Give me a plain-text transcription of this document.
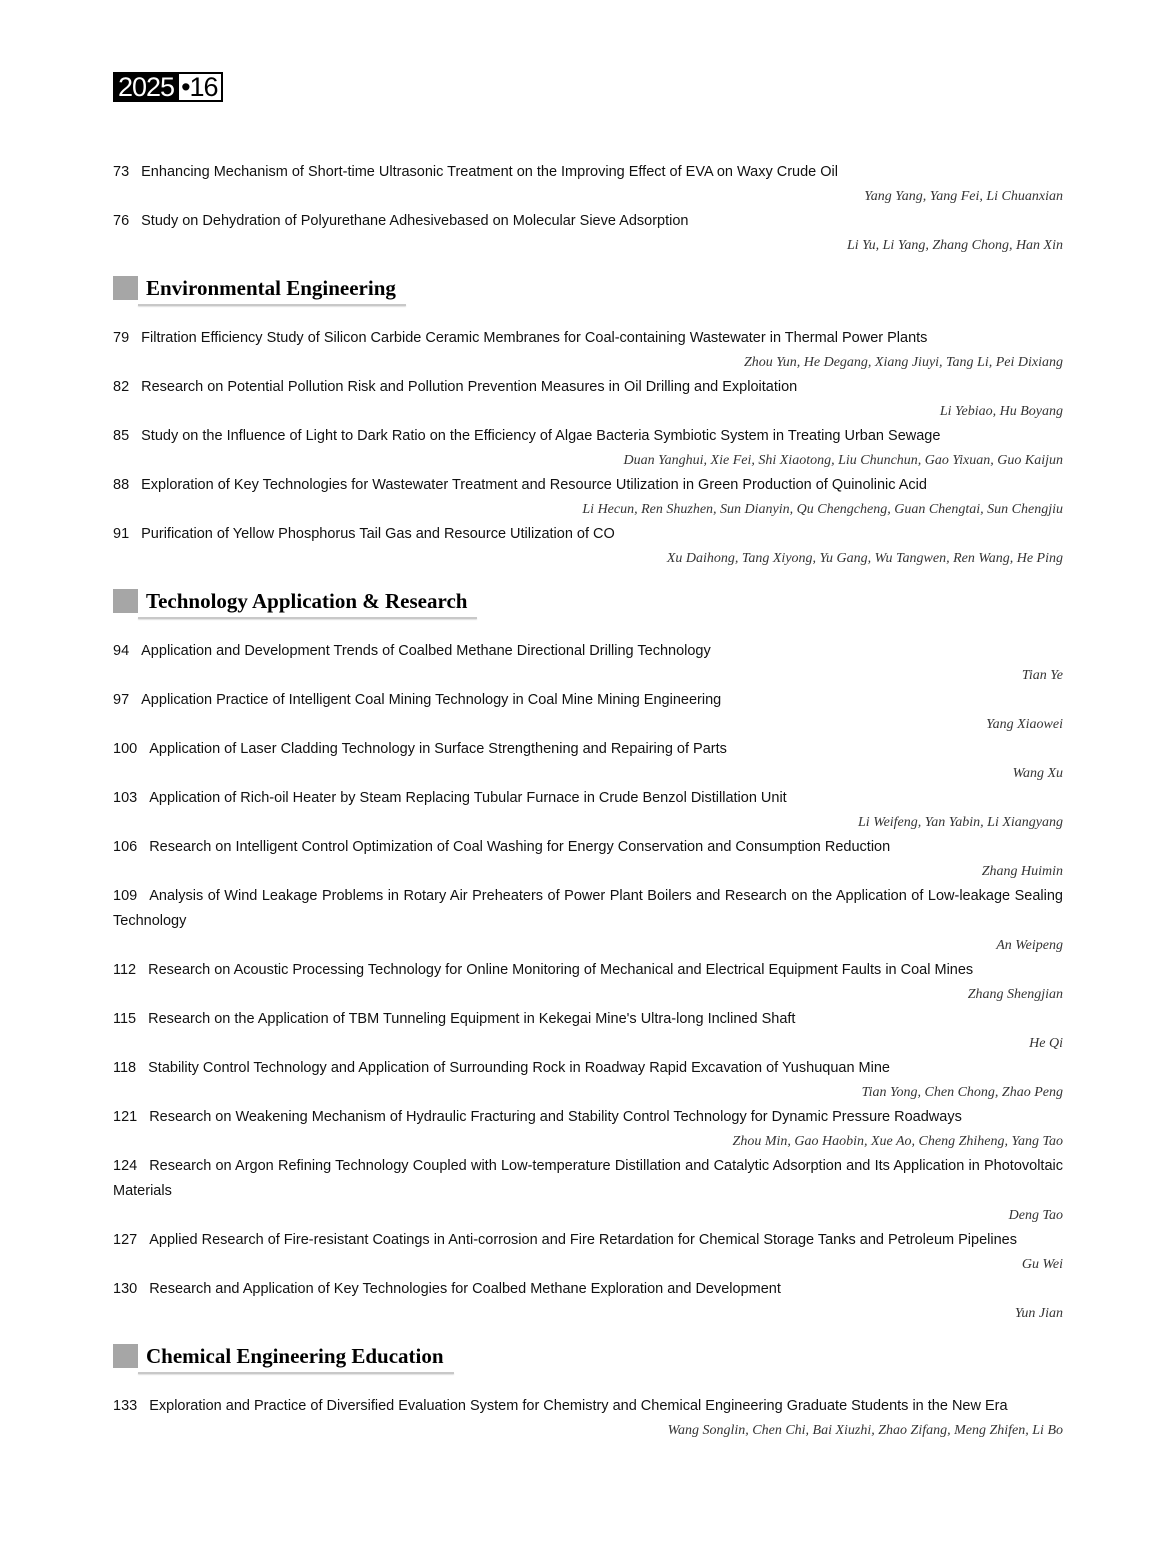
2025 •16
73 Enhancing Mechanism of Short-time Ultrasonic Treatment on the Improving Effect of EVA on Waxy Crude Oil
Yang Yang, Yang Fei, Li Chuanxian
76 Study on Dehydration of Polyurethane Adhesivebased on Molecular Sieve Adsorption
Li Yu, Li Yang, Zhang Chong, Han Xin
Environmental Engineering
79 Filtration Efficiency Study of Silicon Carbide Ceramic Membranes for Coal-containing Wastewater in Thermal Power Plants
Zhou Yun, He Degang, Xiang Jiuyi, Tang Li, Pei Dixiang
82 Research on Potential Pollution Risk and Pollution Prevention Measures in Oil Drilling and Exploitation
Li Yebiao, Hu Boyang
85 Study on the Influence of Light to Dark Ratio on the Efficiency of Algae Bacteria Symbiotic System in Treating Urban Sewage
Duan Yanghui, Xie Fei, Shi Xiaotong, Liu Chunchun, Gao Yixuan, Guo Kaijun
88 Exploration of Key Technologies for Wastewater Treatment and Resource Utilization in Green Production of Quinolinic Acid
Li Hecun, Ren Shuzhen, Sun Dianyin, Qu Chengcheng, Guan Chengtai, Sun Chengjiu
91 Purification of Yellow Phosphorus Tail Gas and Resource Utilization of CO
Xu Daihong, Tang Xiyong, Yu Gang, Wu Tangwen, Ren Wang, He Ping
Technology Application & Research
94 Application and Development Trends of Coalbed Methane Directional Drilling Technology
Tian Ye
97 Application Practice of Intelligent Coal Mining Technology in Coal Mine Mining Engineering
Yang Xiaowei
100 Application of Laser Cladding Technology in Surface Strengthening and Repairing of Parts
Wang Xu
103 Application of Rich-oil Heater by Steam Replacing Tubular Furnace in Crude Benzol Distillation Unit
Li Weifeng, Yan Yabin, Li Xiangyang
106 Research on Intelligent Control Optimization of Coal Washing for Energy Conservation and Consumption Reduction
Zhang Huimin
109 Analysis of Wind Leakage Problems in Rotary Air Preheaters of Power Plant Boilers and Research on the Application of Low-leakage Sealing Technology
An Weipeng
112 Research on Acoustic Processing Technology for Online Monitoring of Mechanical and Electrical Equipment Faults in Coal Mines
Zhang Shengjian
115 Research on the Application of TBM Tunneling Equipment in Kekegai Mine's Ultra-long Inclined Shaft
He Qi
118 Stability Control Technology and Application of Surrounding Rock in Roadway Rapid Excavation of Yushuquan Mine
Tian Yong, Chen Chong, Zhao Peng
121 Research on Weakening Mechanism of Hydraulic Fracturing and Stability Control Technology for Dynamic Pressure Roadways
Zhou Min, Gao Haobin, Xue Ao, Cheng Zhiheng, Yang Tao
124 Research on Argon Refining Technology Coupled with Low-temperature Distillation and Catalytic Adsorption and Its Application in Photovoltaic Materials
Deng Tao
127 Applied Research of Fire-resistant Coatings in Anti-corrosion and Fire Retardation for Chemical Storage Tanks and Petroleum Pipelines
Gu Wei
130 Research and Application of Key Technologies for Coalbed Methane Exploration and Development
Yun Jian
Chemical Engineering Education
133 Exploration and Practice of Diversified Evaluation System for Chemistry and Chemical Engineering Graduate Students in the New Era
Wang Songlin, Chen Chi, Bai Xiuzhi, Zhao Zifang, Meng Zhifen, Li Bo
